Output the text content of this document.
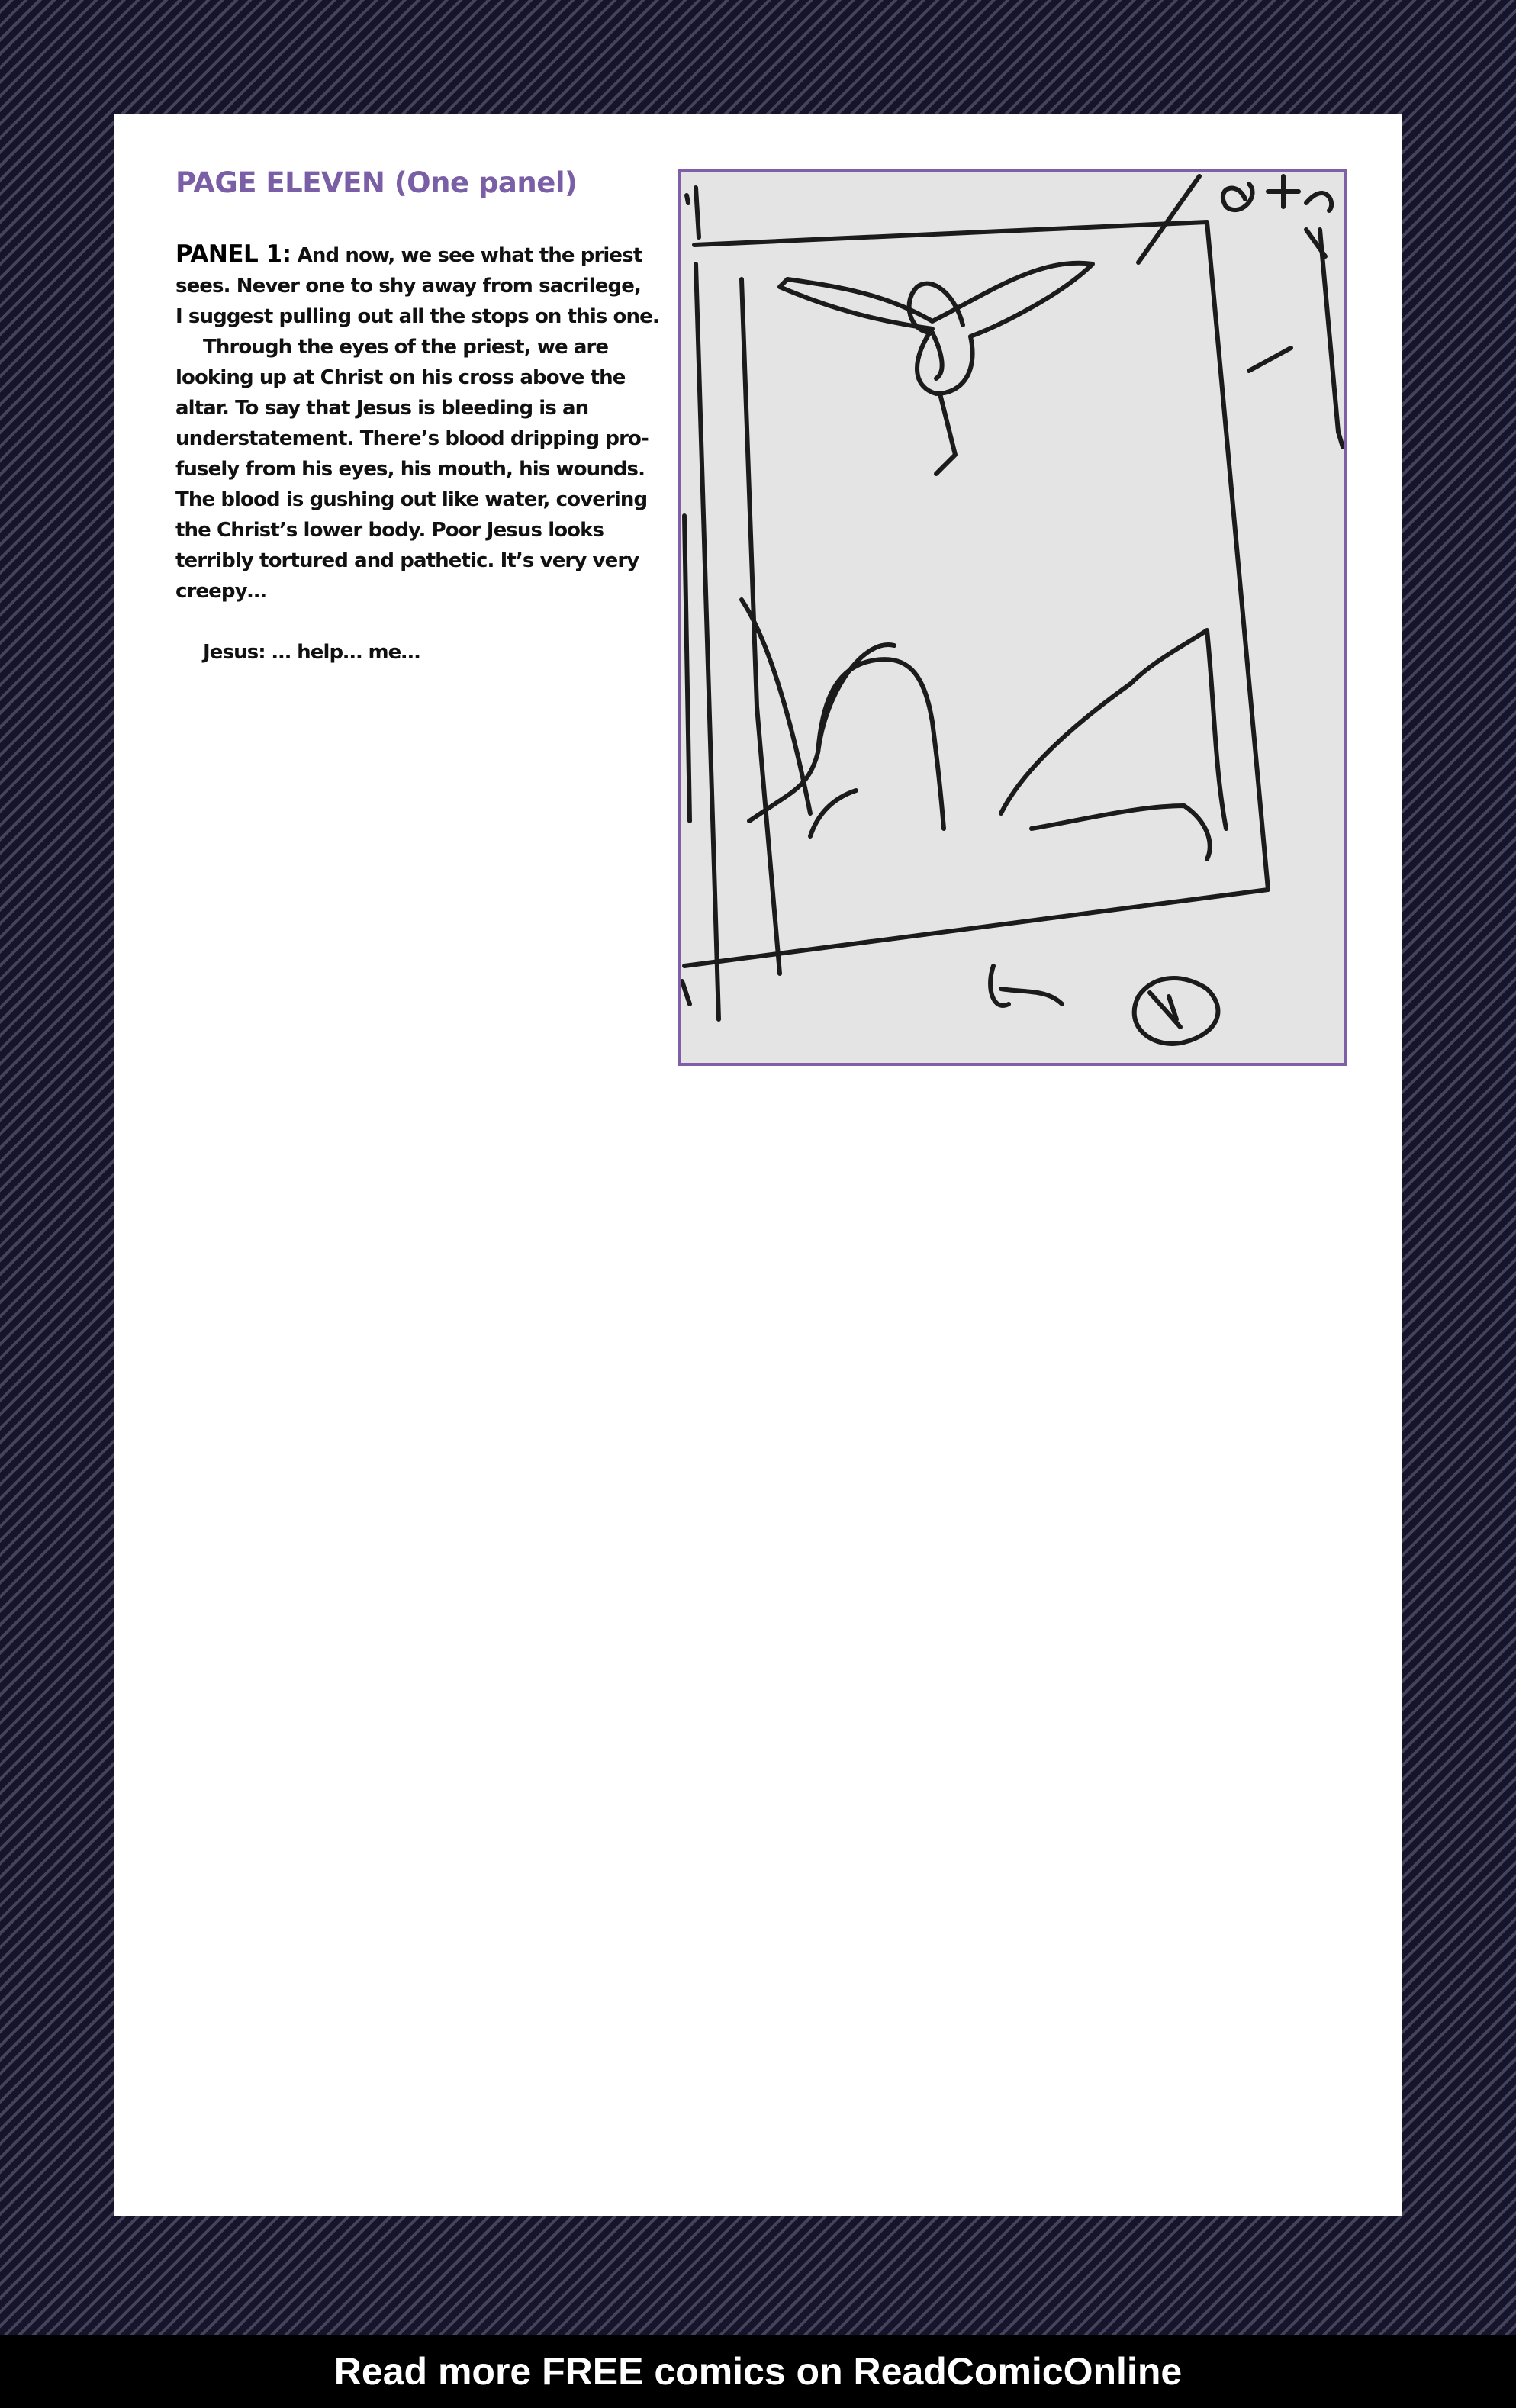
PAGE ELEVEN (One panel)

PANEL 1: And now, we see what the priest
sees. Never one to shy away from sacrilege,
I suggest pulling out all the stops on this one.
Through the eyes of the priest, we are
looking up at Christ on his cross above the
altar. To say that Jesus is bleeding is an
understatement. There’s blood dripping pro-
fusely from his eyes, his mouth, his wounds.
The blood is gushing out like water, covering
the Christ’s lower body. Poor Jesus looks
terribly tortured and pathetic. It’s very very
creepy…

Jesus: … help… me…

Read more FREE comics on ReadComicOnline
